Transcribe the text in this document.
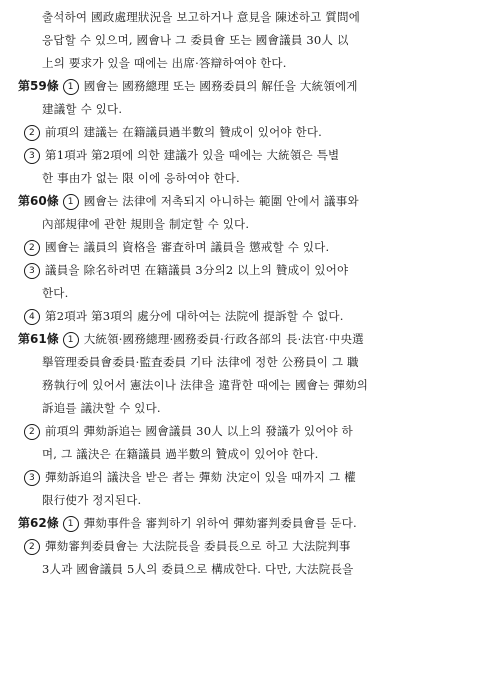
출석하여 國政處理狀況을 보고하거나 意見을 陳述하고 質問에
응답할 수 있으며, 國會나 그 委員會 또는 國會議員 30人 以
上의 要求가 있을 때에는 出席·答辯하여야 한다.
第59條 1 國會는 國務總理 또는 國務委員의 解任을 大統領에게
建議할 수 있다.
2 前項의 建議는 在籍議員過半數의 贊成이 있어야 한다.
3 第1項과 第2項에 의한 建議가 있을 때에는 大統領은 특별
한 事由가 없는 限 이에 응하여야 한다.
第60條 1 國會는 法律에 저촉되지 아니하는 範圍 안에서 議事와
內部規律에 관한 規則을 制定할 수 있다.
2 國會는 議員의 資格을 審査하며 議員을 懲戒할 수 있다.
3 議員을 除名하려면 在籍議員 3分의2 以上의 贊成이 있어야
한다.
4 第2項과 第3項의 處分에 대하여는 法院에 提訴할 수 없다.
第61條 1 大統領·國務總理·國務委員·行政各部의 長·法官·中央選
擧管理委員會委員·監査委員 기타 法律에 정한 公務員이 그 職
務執行에 있어서 憲法이나 法律을 違背한 때에는 國會는 彈劾의
訴追를 議決할 수 있다.
2 前項의 彈劾訴追는 國會議員 30人 以上의 發議가 있어야 하
며, 그 議決은 在籍議員 過半數의 贊成이 있어야 한다.
3 彈劾訴追의 議決을 받은 者는 彈劾 決定이 있을 때까지 그 權
限行使가 정지된다.
第62條 1 彈劾事件을 審判하기 위하여 彈劾審判委員會를 둔다.
2 彈劾審判委員會는 大法院長을 委員長으로 하고 大法院判事
3人과 國會議員 5人의 委員으로 構成한다. 다만, 大法院長을
